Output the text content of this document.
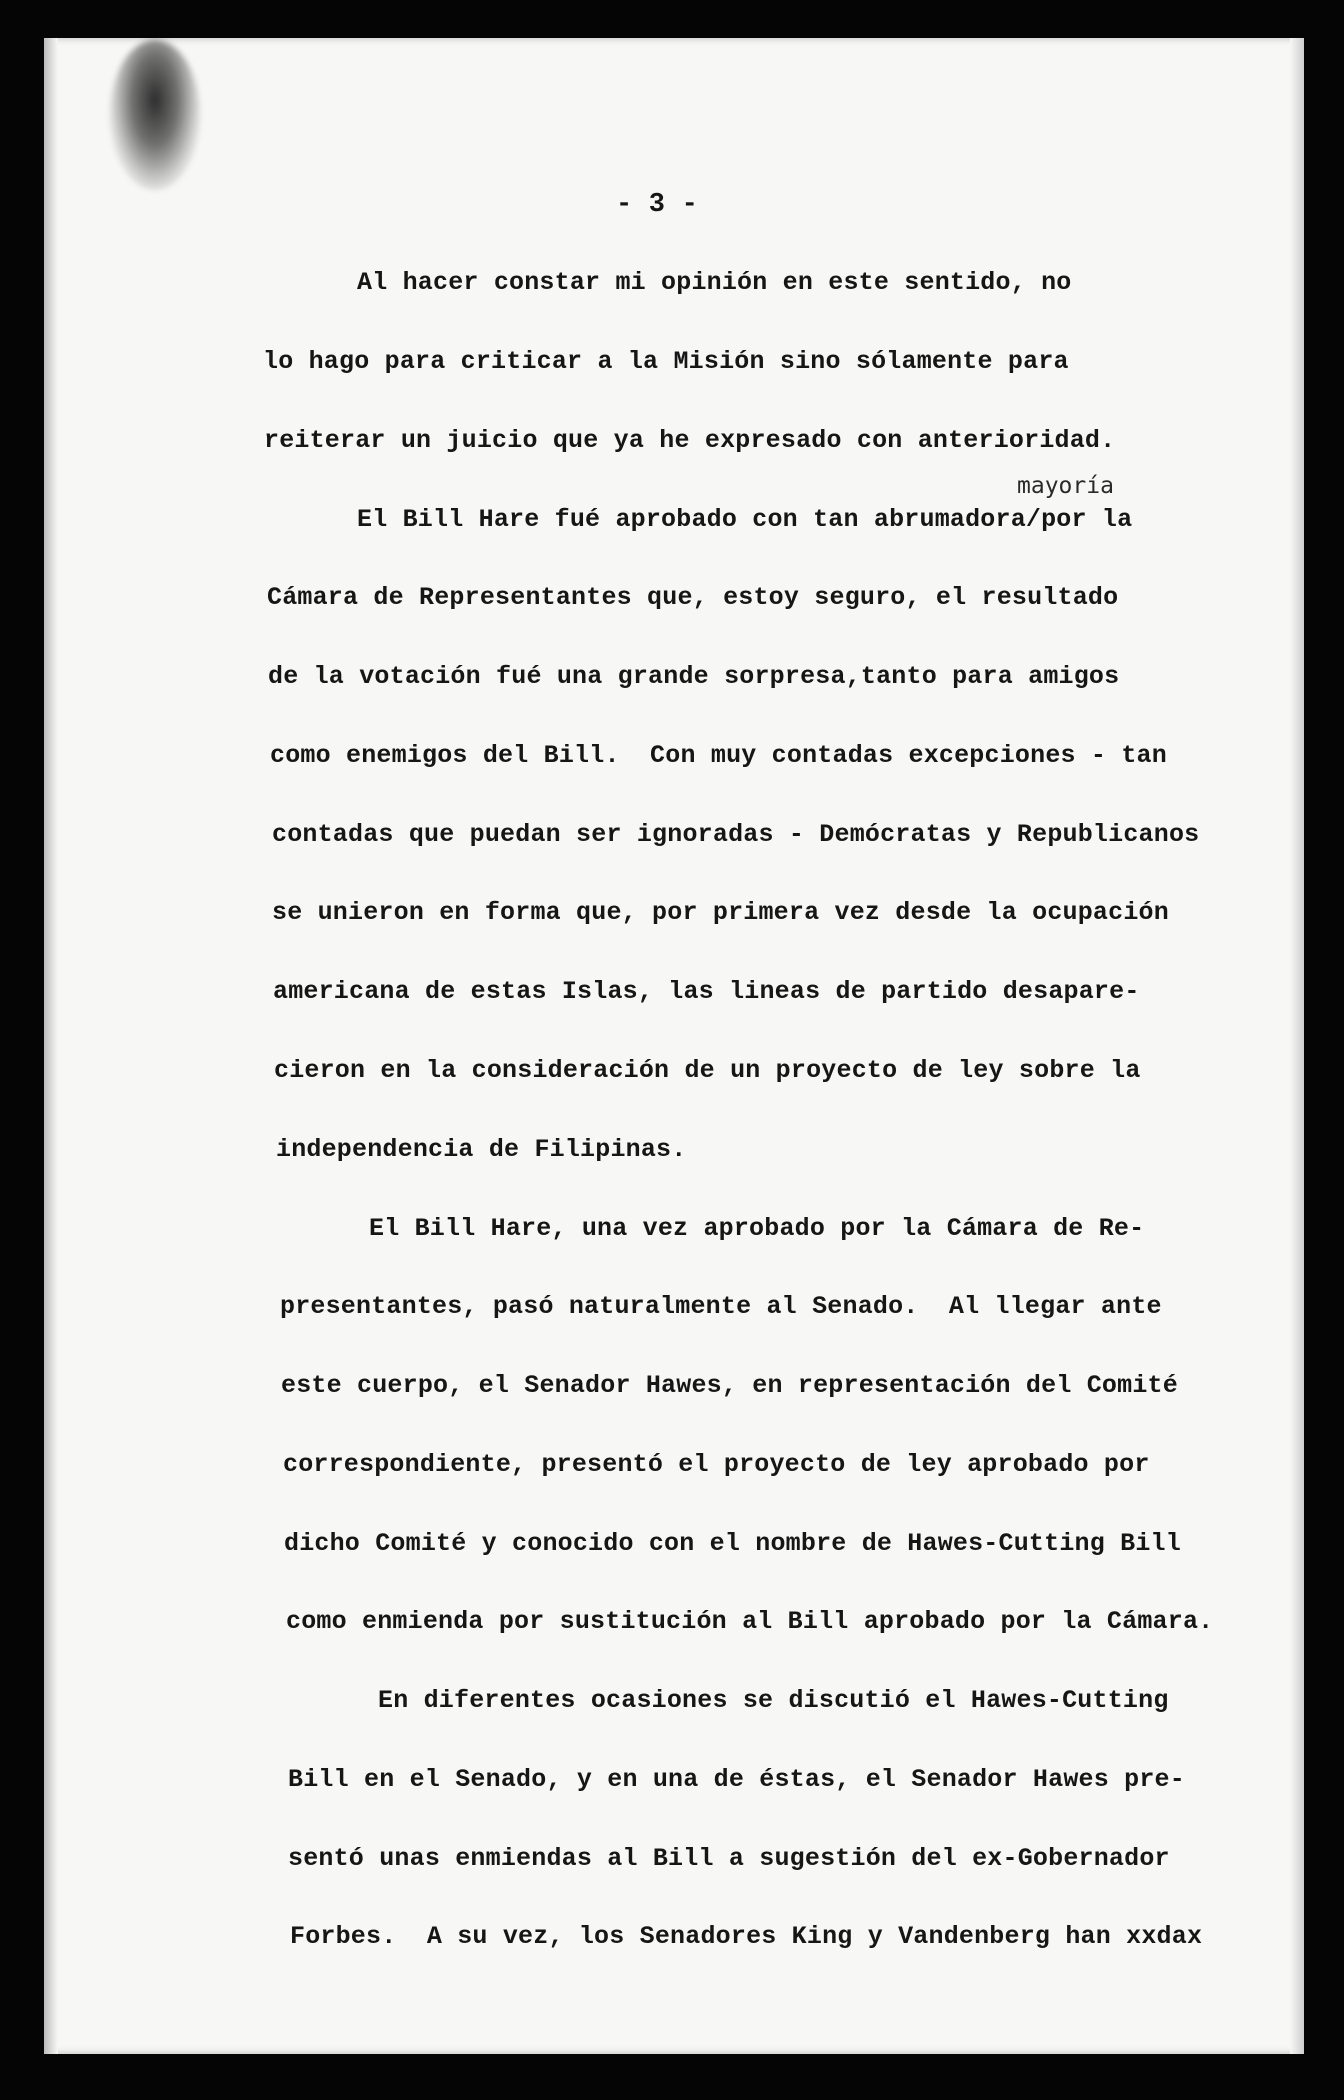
- 3 -
mayoría
Al hacer constar mi opinión en este sentido, no
lo hago para criticar a la Misión sino sólamente para
reiterar un juicio que ya he expresado con anterioridad.
El Bill Hare fué aprobado con tan abrumadora/por la
Cámara de Representantes que, estoy seguro, el resultado
de la votación fué una grande sorpresa,tanto para amigos
como enemigos del Bill.  Con muy contadas excepciones - tan
contadas que puedan ser ignoradas - Demócratas y Republicanos
se unieron en forma que, por primera vez desde la ocupación
americana de estas Islas, las lineas de partido desapare-
cieron en la consideración de un proyecto de ley sobre la
independencia de Filipinas.
El Bill Hare, una vez aprobado por la Cámara de Re-
presentantes, pasó naturalmente al Senado.  Al llegar ante
este cuerpo, el Senador Hawes, en representación del Comité
correspondiente, presentó el proyecto de ley aprobado por
dicho Comité y conocido con el nombre de Hawes-Cutting Bill
como enmienda por sustitución al Bill aprobado por la Cámara.
En diferentes ocasiones se discutió el Hawes-Cutting
Bill en el Senado, y en una de éstas, el Senador Hawes pre-
sentó unas enmiendas al Bill a sugestión del ex-Gobernador
Forbes.  A su vez, los Senadores King y Vandenberg han xxdax
